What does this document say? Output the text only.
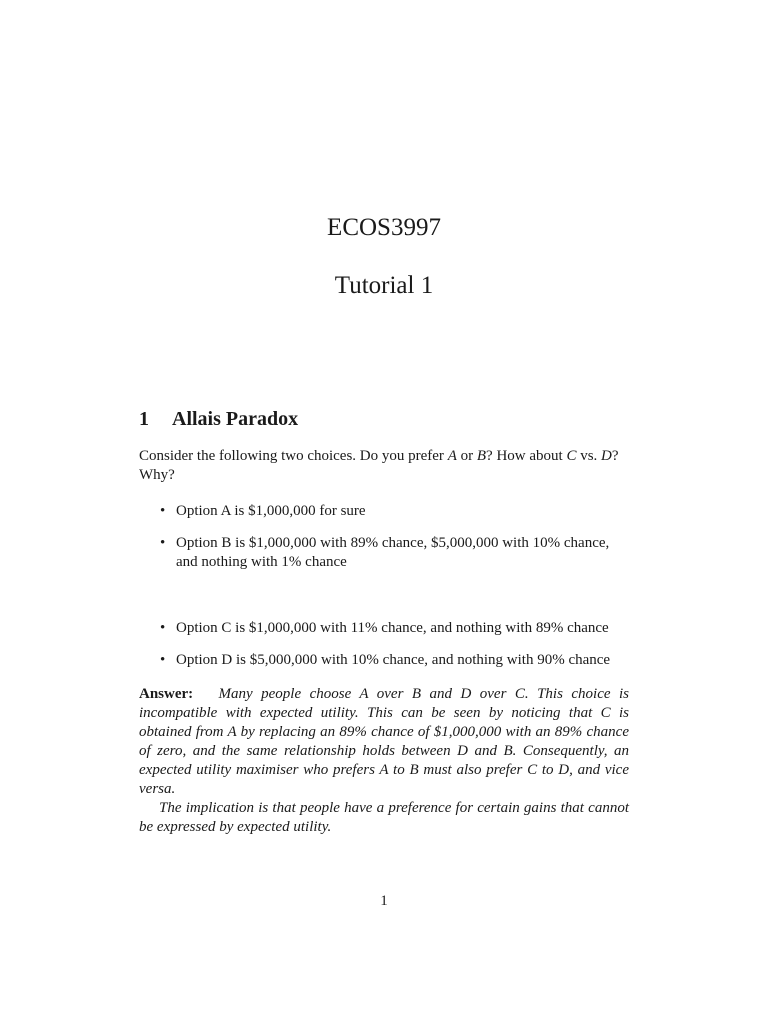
ECOS3997
Tutorial 1
1 Allais Paradox

Consider the following two choices. Do you prefer A or B? How about C vs. D? Why?

• Option A is $1,000,000 for sure
• Option B is $1,000,000 with 89% chance, $5,000,000 with 10% chance, and nothing with 1% chance
• Option C is $1,000,000 with 11% chance, and nothing with 89% chance
• Option D is $5,000,000 with 10% chance, and nothing with 90% chance

Answer: Many people choose A over B and D over C. This choice is incompatible with expected utility. This can be seen by noticing that C is obtained from A by replacing an 89% chance of $1,000,000 with an 89% chance of zero, and the same relationship holds between D and B. Consequently, an expected utility maximiser who prefers A to B must also prefer C to D, and vice versa.

The implication is that people have a preference for certain gains that cannot be expressed by expected utility.

1
